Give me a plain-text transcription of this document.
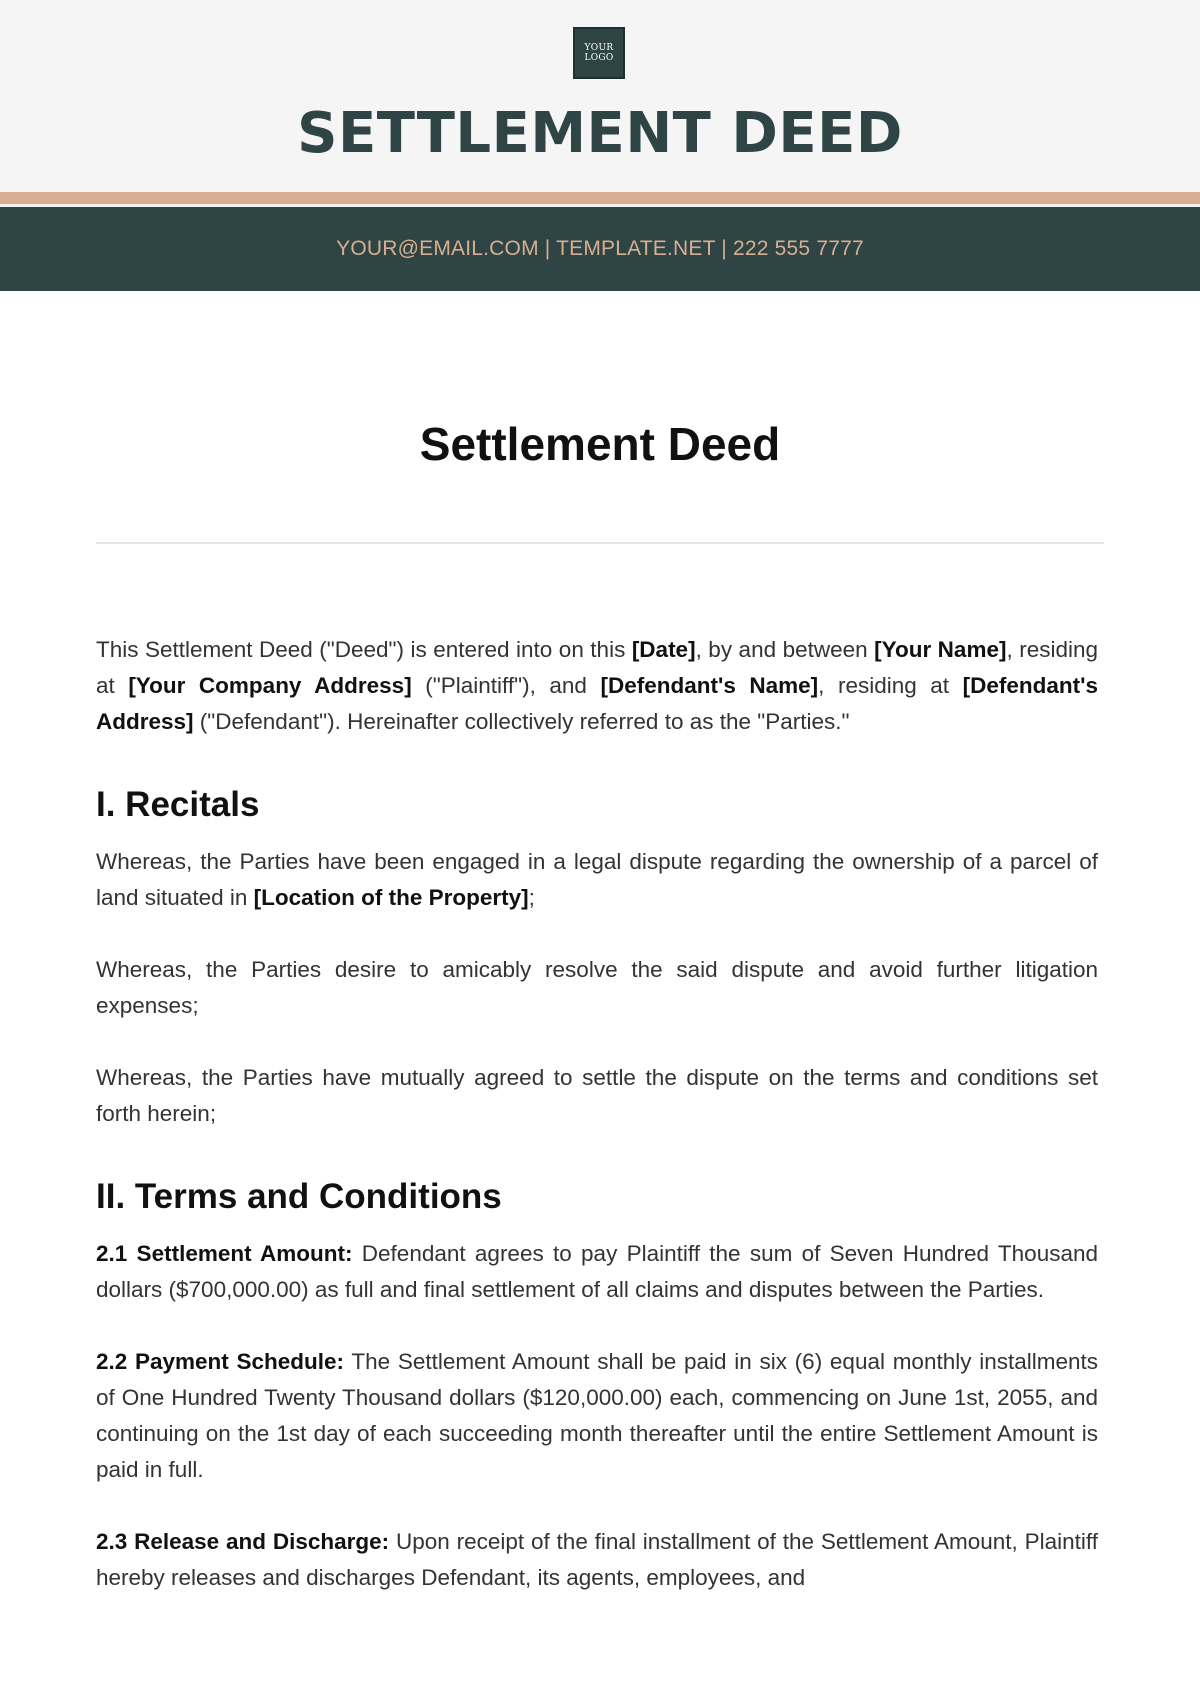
YOUR
LOGO
SETTLEMENT DEED
YOUR@EMAIL.COM | TEMPLATE.NET | 222 555 7777
Settlement Deed

This Settlement Deed ("Deed") is entered into on this [Date], by and between [Your Name], residing at [Your Company Address] ("Plaintiff"), and [Defendant's Name], residing at [Defendant's Address] ("Defendant"). Hereinafter collectively referred to as the "Parties."

I. Recitals

Whereas, the Parties have been engaged in a legal dispute regarding the ownership of a parcel of land situated in [Location of the Property];

Whereas, the Parties desire to amicably resolve the said dispute and avoid further litigation expenses;

Whereas, the Parties have mutually agreed to settle the dispute on the terms and conditions set forth herein;

II. Terms and Conditions

2.1 Settlement Amount: Defendant agrees to pay Plaintiff the sum of Seven Hundred Thousand dollars ($700,000.00) as full and final settlement of all claims and disputes between the Parties.

2.2 Payment Schedule: The Settlement Amount shall be paid in six (6) equal monthly installments of One Hundred Twenty Thousand dollars ($120,000.00) each, commencing on June 1st, 2055, and continuing on the 1st day of each succeeding month thereafter until the entire Settlement Amount is paid in full.

2.3 Release and Discharge: Upon receipt of the final installment of the Settlement Amount, Plaintiff hereby releases and discharges Defendant, its agents, employees, and
